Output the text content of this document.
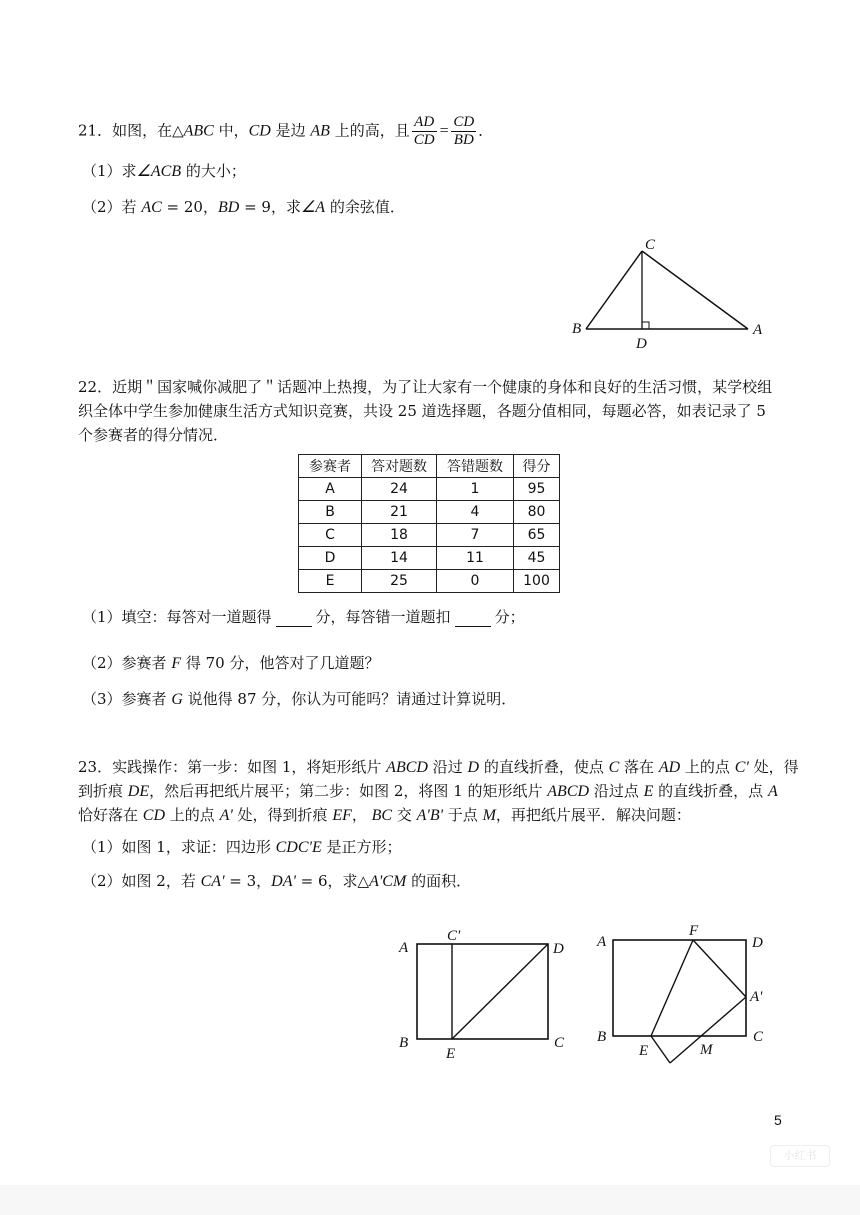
21．如图，在△ABC 中，CD 是边 AB 上的高，且 $\frac{AD}{CD} = \frac{CD}{BD}$ ．
（1）求∠ACB 的大小；
（2）若 AC = 20，BD = 9，求∠A 的余弦值．
C
B	A
D
22．近期＂国家喊你减肥了＂话题冲上热搜，为了让大家有一个健康的身体和良好的生活习惯，某学校组
织全体中学生参加健康生活方式知识竞赛，共设 25 道选择题，各题分值相同，每题必答，如表记录了 5
个参赛者的得分情况．
参赛者	答对题数	答错题数	得分
A	24	1	95
B	21	4	80
C	18	7	65
D	14	11	45
E	25	0	100
（1）填空：每答对一道题得	分，每答错一道题扣	分；
（2）参赛者 F 得 70 分，他答对了几道题？
（3）参赛者 G 说他得 87 分，你认为可能吗？请通过计算说明．
23．实践操作：第一步：如图 1，将矩形纸片 ABCD 沿过 D 的直线折叠，使点 C 落在 AD 上的点 C' 处，得
到折痕 DE，然后再把纸片展平；第二步：如图 2，将图 1 的矩形纸片 ABCD 沿过点 E 的直线折叠，点 A
恰好落在 CD 上的点 A' 处，得到折痕 EF， BC 交 A'B' 于点 M，再把纸片展平．解决问题：
（1）如图 1，求证：四边形 CDC'E 是正方形；
（2）如图 2，若 CA' = 3，DA' = 6，求△A'CM 的面积．
A
C'
D
B
E
C
A
F
D
A'
B
E	M
C
5
小红书
